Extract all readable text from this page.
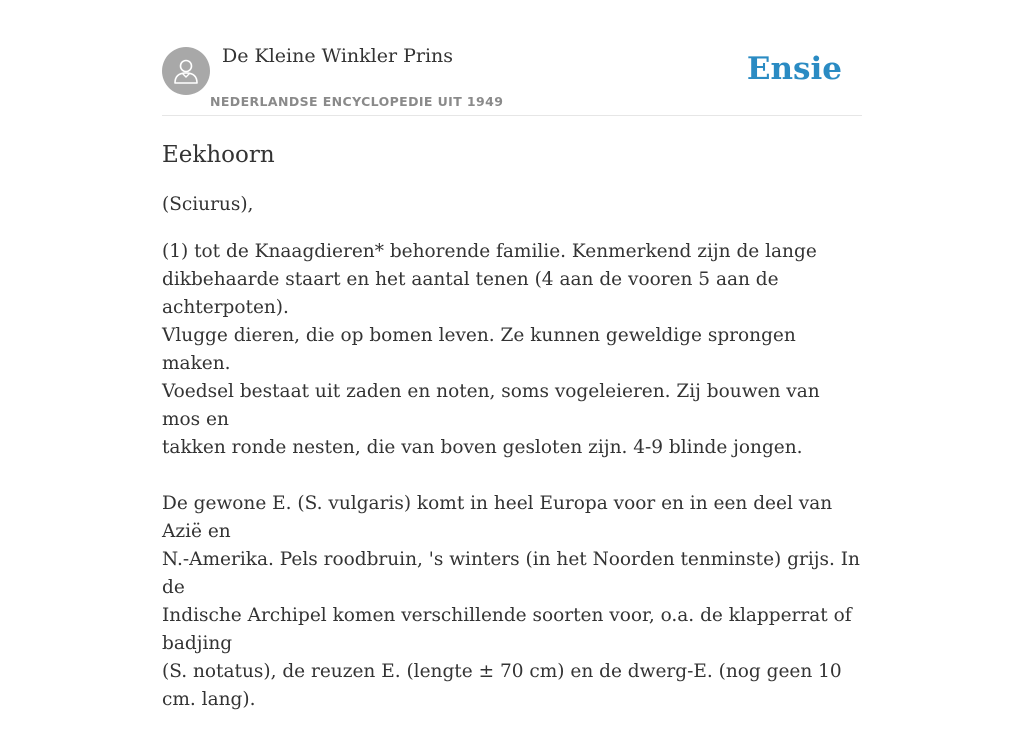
De Kleine Winkler Prins
NEDERLANDSE ENCYCLOPEDIE UIT 1949
Ensie
Eekhoorn

(Sciurus),

(1) tot de Knaagdieren* behorende familie. Kenmerkend zijn de lange
dikbehaarde staart en het aantal tenen (4 aan de vooren 5 aan de achterpoten).
Vlugge dieren, die op bomen leven. Ze kunnen geweldige sprongen maken.
Voedsel bestaat uit zaden en noten, soms vogeleieren. Zij bouwen van mos en
takken ronde nesten, die van boven gesloten zijn. 4-9 blinde jongen.

De gewone E. (S. vulgaris) komt in heel Europa voor en in een deel van Azië en
N.-Amerika. Pels roodbruin, 's winters (in het Noorden tenminste) grijs. In de
Indische Archipel komen verschillende soorten voor, o.a. de klapperrat of badjing
(S. notatus), de reuzen E. (lengte ± 70 cm) en de dwerg-E. (nog geen 10 cm. lang).
